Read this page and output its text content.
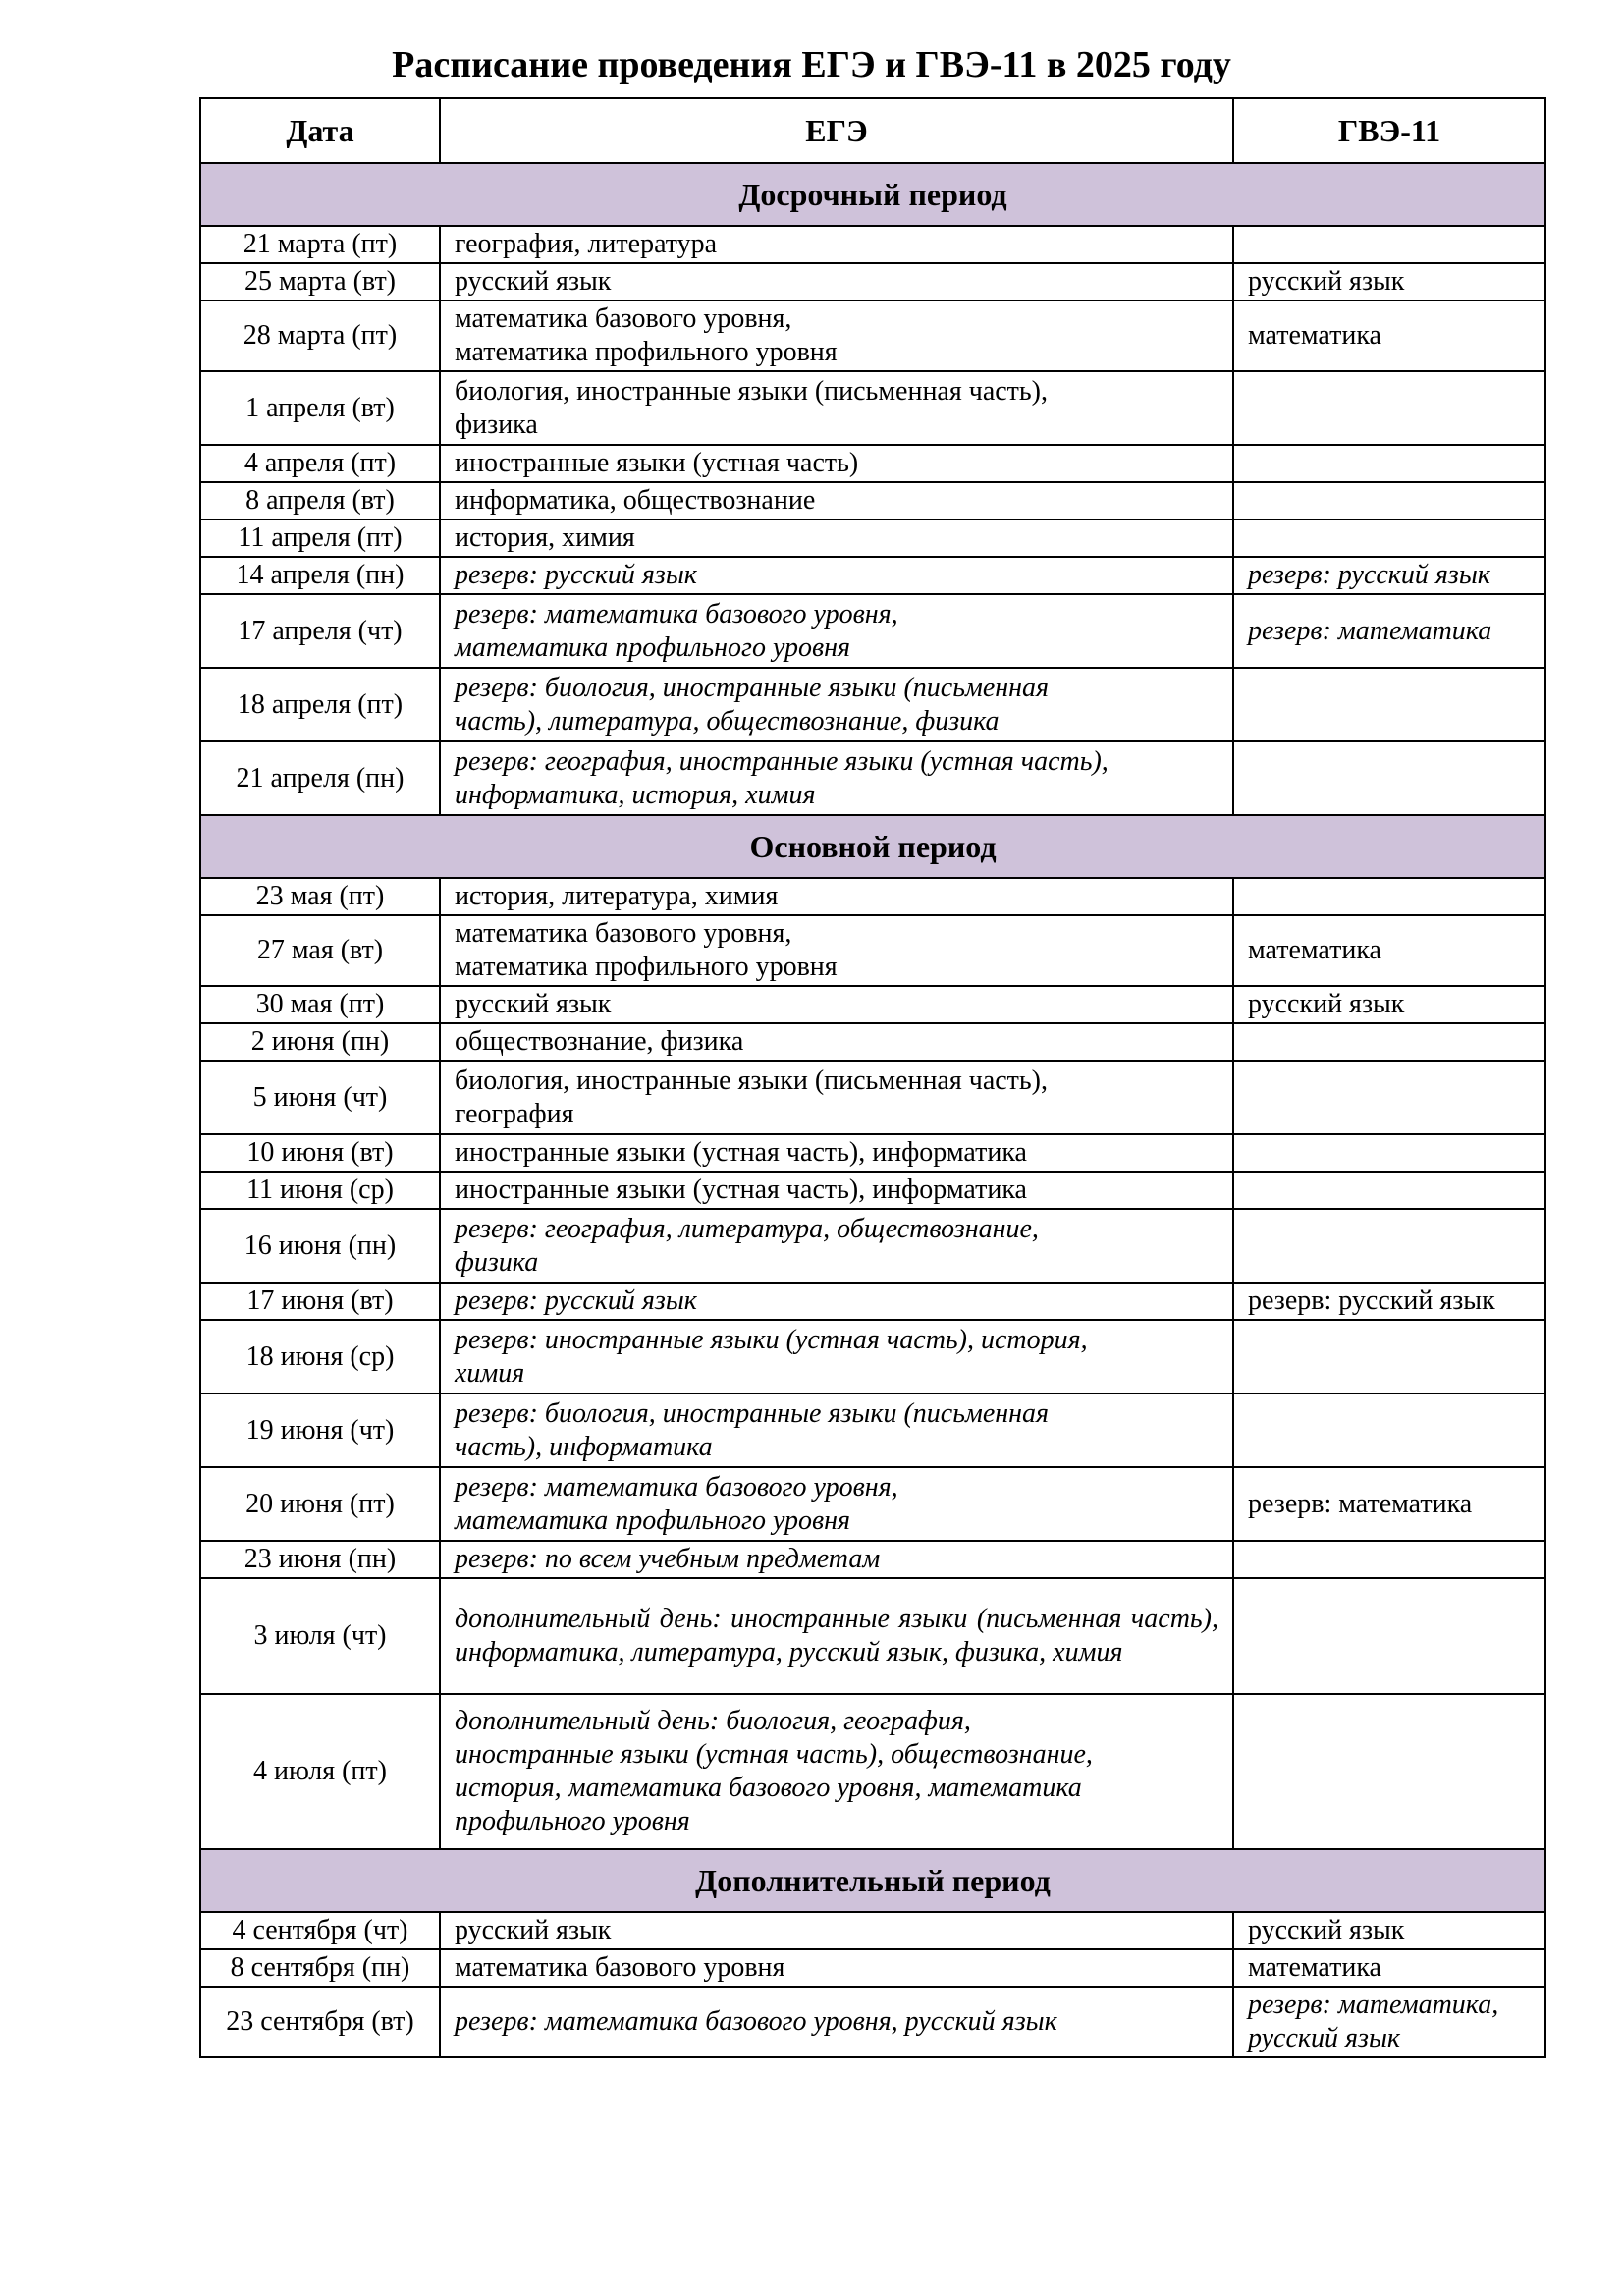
Расписание проведения ЕГЭ и ГВЭ-11 в 2025 году
Дата	ЕГЭ	ГВЭ-11
Досрочный период		
21 марта (пт)	география, литература	

25 марта (вт)	русский язык	русский язык

28 марта (пт)	математика базового уровня,
математика профильного уровня	математика

1 апреля (вт)	биология, иностранные языки (письменная часть),
физика	

4 апреля (пт)	иностранные языки (устная часть)	

8 апреля (вт)	информатика, обществознание	

11 апреля (пт)	история, химия	

14 апреля (пн)	резерв: русский язык	резерв: русский язык

17 апреля (чт)	резерв: математика базового уровня,
математика профильного уровня	резерв: математика

18 апреля (пт)	резерв: биология, иностранные языки (письменная
часть), литература, обществознание, физика	

21 апреля (пн)	резерв: география, иностранные языки (устная часть),
информатика, история, химия	

Основной период		
23 мая (пт)	история, литература, химия	

27 мая (вт)	математика базового уровня,
математика профильного уровня	математика

30 мая (пт)	русский язык	русский язык

2 июня (пн)	обществознание, физика	

5 июня (чт)	биология, иностранные языки (письменная часть),
география	

10 июня (вт)	иностранные языки (устная часть), информатика	

11 июня (ср)	иностранные языки (устная часть), информатика	

16 июня (пн)	резерв: география, литература, обществознание,
физика	

17 июня (вт)	резерв: русский язык	резерв: русский язык

18 июня (ср)	резерв: иностранные языки (устная часть), история,
химия	

19 июня (чт)	резерв: биология, иностранные языки (письменная
часть), информатика	

20 июня (пт)	резерв: математика базового уровня,
математика профильного уровня	резерв: математика

23 июня (пн)	резерв: по всем учебным предметам	

3 июля (чт)	дополнительный день: иностранные языки (письменная часть), информатика, литература, русский язык, физика, химия	

4 июля (пт)	дополнительный день: биология, география,
иностранные языки (устная часть), обществознание,
история, математика базового уровня, математика
профильного уровня	

Дополнительный период		
4 сентября (чт)	русский язык	русский язык

8 сентября (пн)	математика базового уровня	математика

23 сентября (вт)	резерв: математика базового уровня, русский язык	резерв: математика,
русский язык
